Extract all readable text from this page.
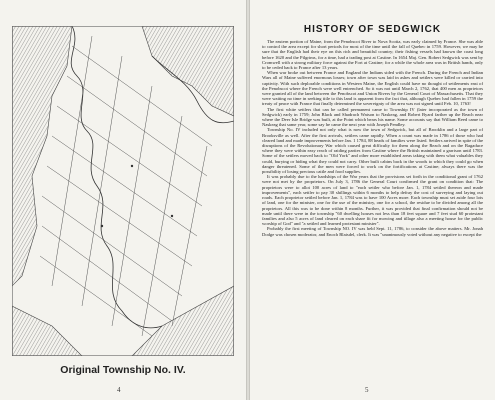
Original Township No. IV.
4
HISTORY OF SEDGWICK

The eastern portion of Maine, from the Penobscot River to Nova Scotia, was early claimed by France. She was able to control the area except for short periods for most of the time until the fall of Quebec in 1759. However, we may be sure that the English had their eye on this rich and beautiful country; their fishing vessels had known the coast long before 1620 and the Pilgrims, for a time, had a trading post at Castine. In 1654 Maj. Gen. Robert Sedgwick was sent by Cromwell with a strong military force against the Fort at Castine; for a while the whole area was in British hands, only to be ceded back to France after 13 years.

When war broke out between France and England the Indians sided with the French. During the French and Indian Wars all of Maine suffered enormous losses; town after town was laid in ashes and settlers were killed or carried into captivity. With such deplorable conditions in Western Maine, the English could have no thought of settlements east of the Penobscot where the French were well entrenched. So it was not until March 2, 1762, that 400 men as proprietors were granted all of the land between the Penobscot and Union Rivers by the General Court of Massachusetts. That they were waiting no time in seeking title to this land is apparent from the fact that, although Quebec had fallen in 1759 the treaty of peace with France that finally determined the sovereignty of the area was not signed until Feb. 10, 1763!

The first white settlers that can be called permanent came to Township IV (later incorporated as the town of Sedgwick) early in 1759; John Black and Shadrach Watson to Naskeag, and Robert Byard farther up the Reach near where the Deer Isle Bridge was built, at the Point which bears his name. Some accounts say that William Reed came to Naskeag that same year, some say he came the next year with Joseph Pendley.

Township No. IV included not only what is now the town of Sedgwick, but all of Brooklin and a large part of Brooksville as well. After the first arrivals, settlers came rapidly. When a count was made in 1786 of those who had cleared land and made improvements before Jan. 1 1784, 88 heads of families were listed. Settlers arrived in spite of the disruptions of the Revolutionary War which caused great difficulty for them along the Reach and on the Bagaduce where they were within easy reach of raiding parties from Castine where the British maintained a garrison until 1783. Some of the settlers moved back to "Old York" and other more established areas taking with them what valuables they could, burying or hiding what they could not carry. Other built cabins back in the woods to which they could go when danger threatened. Some of the men were forced to work on the fortifications at Castine; always there was the possibility of losing precious cattle and food supplies.

It was probably due to the hardships of the War years that the provisions set forth in the conditional grant of 1762 were not met by the proprietors. On July 3, 1786 the General Court confirmed the grant on condition that: The proprietors were to allot 100 acres of land to "each settler who before Jan. 1, 1784 settled thereon and made improvements", each settler to pay 30 shillings within 6 months to help defray the cost of surveying and laying out roads. Each proprietor settled before Jan. 1, 1784 was to have 100 Acres more. Each township must set aside four lots of land, one for the minister, one for the use of the ministry, one for a school, the residue to be divided among all the proprietors. All this was to be done within 8 months. Further, it was provided that final confirmation should not be made until there were in the township "60 dwelling houses not less than 18 feet square and 7 feet stud 60 protestant families and also 5 acres of land cleared on each share fit for mowing and tillage also a meeting house for the public worship of God" and "a settled and learned protestant minister".

Probably the first meeting of Township NO. IV was held Sept. 11, 1786, to consider the above matters. Mr. Jonah Dodge was chosen moderator, and Enoch Blaisdel, clerk. It was "unanimously voted without any negative to except the

5
